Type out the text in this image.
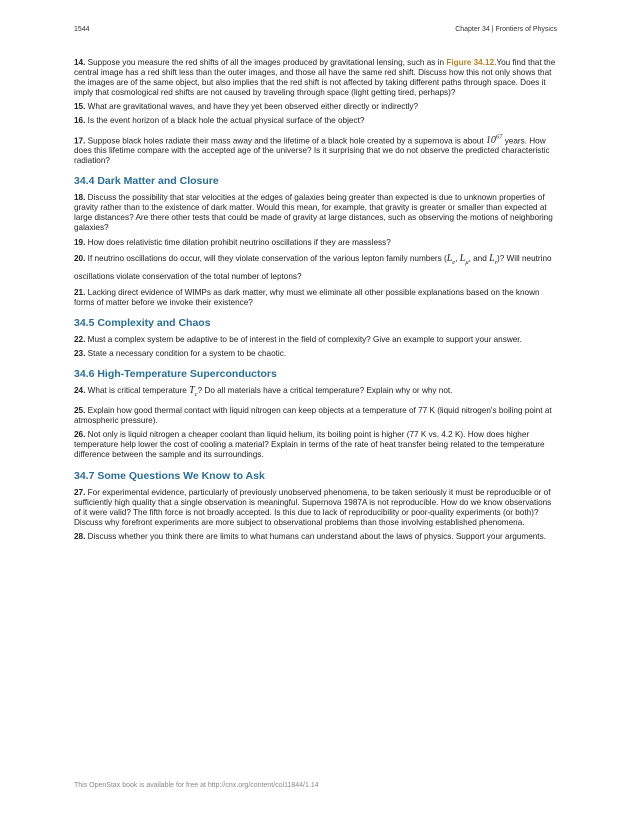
1544	Chapter 34 | Frontiers of Physics

14. Suppose you measure the red shifts of all the images produced by gravitational lensing, such as in Figure 34.12.You find that the central image has a red shift less than the outer images, and those all have the same red shift. Discuss how this not only shows that the images are of the same object, but also implies that the red shift is not affected by taking different paths through space. Does it imply that cosmological red shifts are not caused by traveling through space (light getting tired, perhaps)?

15. What are gravitational waves, and have they yet been observed either directly or indirectly?

16. Is the event horizon of a black hole the actual physical surface of the object?

17. Suppose black holes radiate their mass away and the lifetime of a black hole created by a supernova is about $10^{67}$ years. How does this lifetime compare with the accepted age of the universe? Is it surprising that we do not observe the predicted characteristic radiation?

34.4 Dark Matter and Closure

18. Discuss the possibility that star velocities at the edges of galaxies being greater than expected is due to unknown properties of gravity rather than to the existence of dark matter. Would this mean, for example, that gravity is greater or smaller than expected at large distances? Are there other tests that could be made of gravity at large distances, such as observing the motions of neighboring galaxies?

19. How does relativistic time dilation prohibit neutrino oscillations if they are massless?

20. If neutrino oscillations do occur, will they violate conservation of the various lepton family numbers ($L_e$, $L_\mu$, and $L_\tau$)? Will neutrino oscillations violate conservation of the total number of leptons?

21. Lacking direct evidence of WIMPs as dark matter, why must we eliminate all other possible explanations based on the known forms of matter before we invoke their existence?

34.5 Complexity and Chaos

22. Must a complex system be adaptive to be of interest in the field of complexity? Give an example to support your answer.

23. State a necessary condition for a system to be chaotic.

34.6 High-Temperature Superconductors

24. What is critical temperature $T_c$? Do all materials have a critical temperature? Explain why or why not.

25. Explain how good thermal contact with liquid nitrogen can keep objects at a temperature of 77 K (liquid nitrogen's boiling point at atmospheric pressure).

26. Not only is liquid nitrogen a cheaper coolant than liquid helium, its boiling point is higher (77 K vs. 4.2 K). How does higher temperature help lower the cost of cooling a material? Explain in terms of the rate of heat transfer being related to the temperature difference between the sample and its surroundings.

34.7 Some Questions We Know to Ask

27. For experimental evidence, particularly of previously unobserved phenomena, to be taken seriously it must be reproducible or of sufficiently high quality that a single observation is meaningful. Supernova 1987A is not reproducible. How do we know observations of it were valid? The fifth force is not broadly accepted. Is this due to lack of reproducibility or poor-quality experiments (or both)? Discuss why forefront experiments are more subject to observational problems than those involving established phenomena.

28. Discuss whether you think there are limits to what humans can understand about the laws of physics. Support your arguments.

This OpenStax book is available for free at http://cnx.org/content/col11844/1.14
